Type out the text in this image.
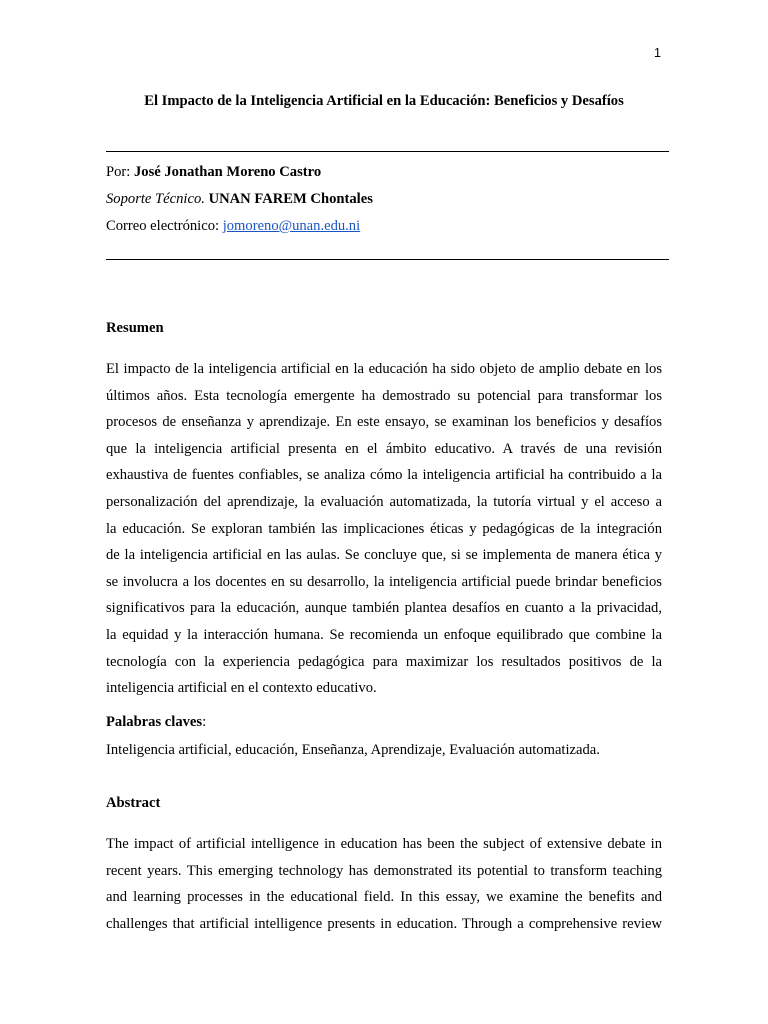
1
El Impacto de la Inteligencia Artificial en la Educación: Beneficios y Desafíos
Por: José Jonathan Moreno Castro
Soporte Técnico. UNAN FAREM Chontales
Correo electrónico: jomoreno@unan.edu.ni
Resumen
El impacto de la inteligencia artificial en la educación ha sido objeto de amplio debate en los
últimos años. Esta tecnología emergente ha demostrado su potencial para transformar los
procesos de enseñanza y aprendizaje. En este ensayo, se examinan los beneficios y desafíos
que la inteligencia artificial presenta en el ámbito educativo. A través de una revisión
exhaustiva de fuentes confiables, se analiza cómo la inteligencia artificial ha contribuido a la
personalización del aprendizaje, la evaluación automatizada, la tutoría virtual y el acceso a
la educación. Se exploran también las implicaciones éticas y pedagógicas de la integración
de la inteligencia artificial en las aulas. Se concluye que, si se implementa de manera ética y
se involucra a los docentes en su desarrollo, la inteligencia artificial puede brindar beneficios
significativos para la educación, aunque también plantea desafíos en cuanto a la privacidad,
la equidad y la interacción humana. Se recomienda un enfoque equilibrado que combine la
tecnología con la experiencia pedagógica para maximizar los resultados positivos de la
inteligencia artificial en el contexto educativo.
Palabras claves:
Inteligencia artificial, educación, Enseñanza, Aprendizaje, Evaluación automatizada.
Abstract
The impact of artificial intelligence in education has been the subject of extensive debate in
recent years. This emerging technology has demonstrated its potential to transform teaching
and learning processes in the educational field. In this essay, we examine the benefits and
challenges that artificial intelligence presents in education. Through a comprehensive review
